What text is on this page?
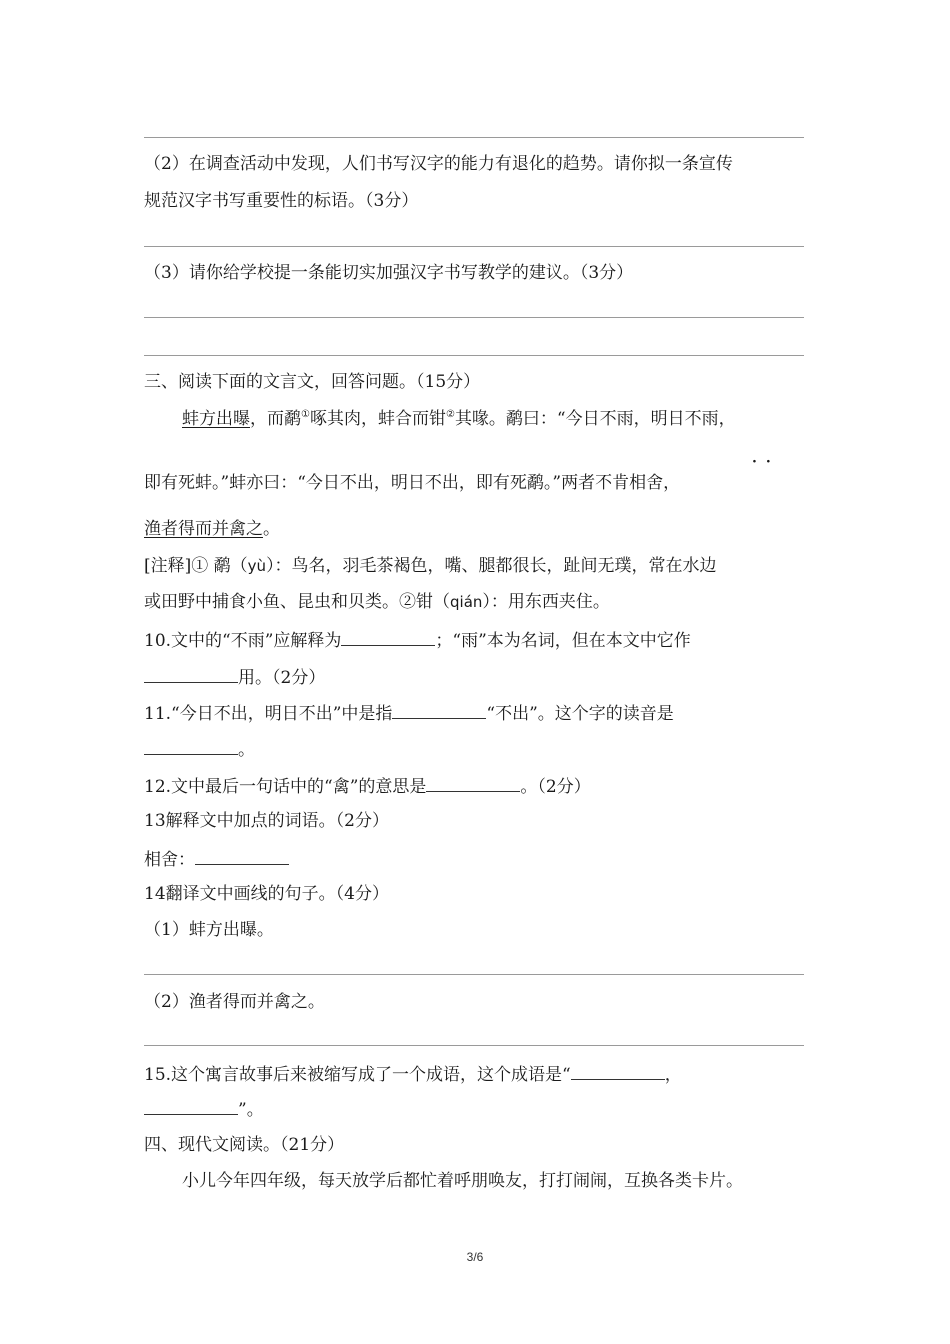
（2）在调查活动中发现，人们书写汉字的能力有退化的趋势。请你拟一条宣传
规范汉字书写重要性的标语。（3分）
（3）请你给学校提一条能切实加强汉字书写教学的建议。（3分）
三、阅读下面的文言文，回答问题。（15分）
蚌方出曝，而鹬①啄其肉，蚌合而钳②其喙。鹬曰：“今日不雨，明日不雨，
··
即有死蚌。”蚌亦曰：“今日不出，明日不出，即有死鹬。”两者不肯相舍，
渔者得而并禽之。
[注释]① 鹬（yù）：鸟名，羽毛茶褐色，嘴、腿都很长，趾间无璞，常在水边
或田野中捕食小鱼、昆虫和贝类。②钳（qián）：用东西夹住。
10.文中的“不雨”应解释为	；“雨”本为名词，但在本文中它作
用。（2分）
11.“今日不出，明日不出”中是指	“不出”。这个字的读音是
。
12.文中最后一句话中的“禽”的意思是	。（2分）
13解释文中加点的词语。（2分）
相舍：
14翻译文中画线的句子。（4分）
（1）蚌方出曝。
（2）渔者得而并禽之。
15.这个寓言故事后来被缩写成了一个成语，这个成语是“	，
”。
四、现代文阅读。（21分）
小儿今年四年级，每天放学后都忙着呼朋唤友，打打闹闹，互换各类卡片。
3/6
